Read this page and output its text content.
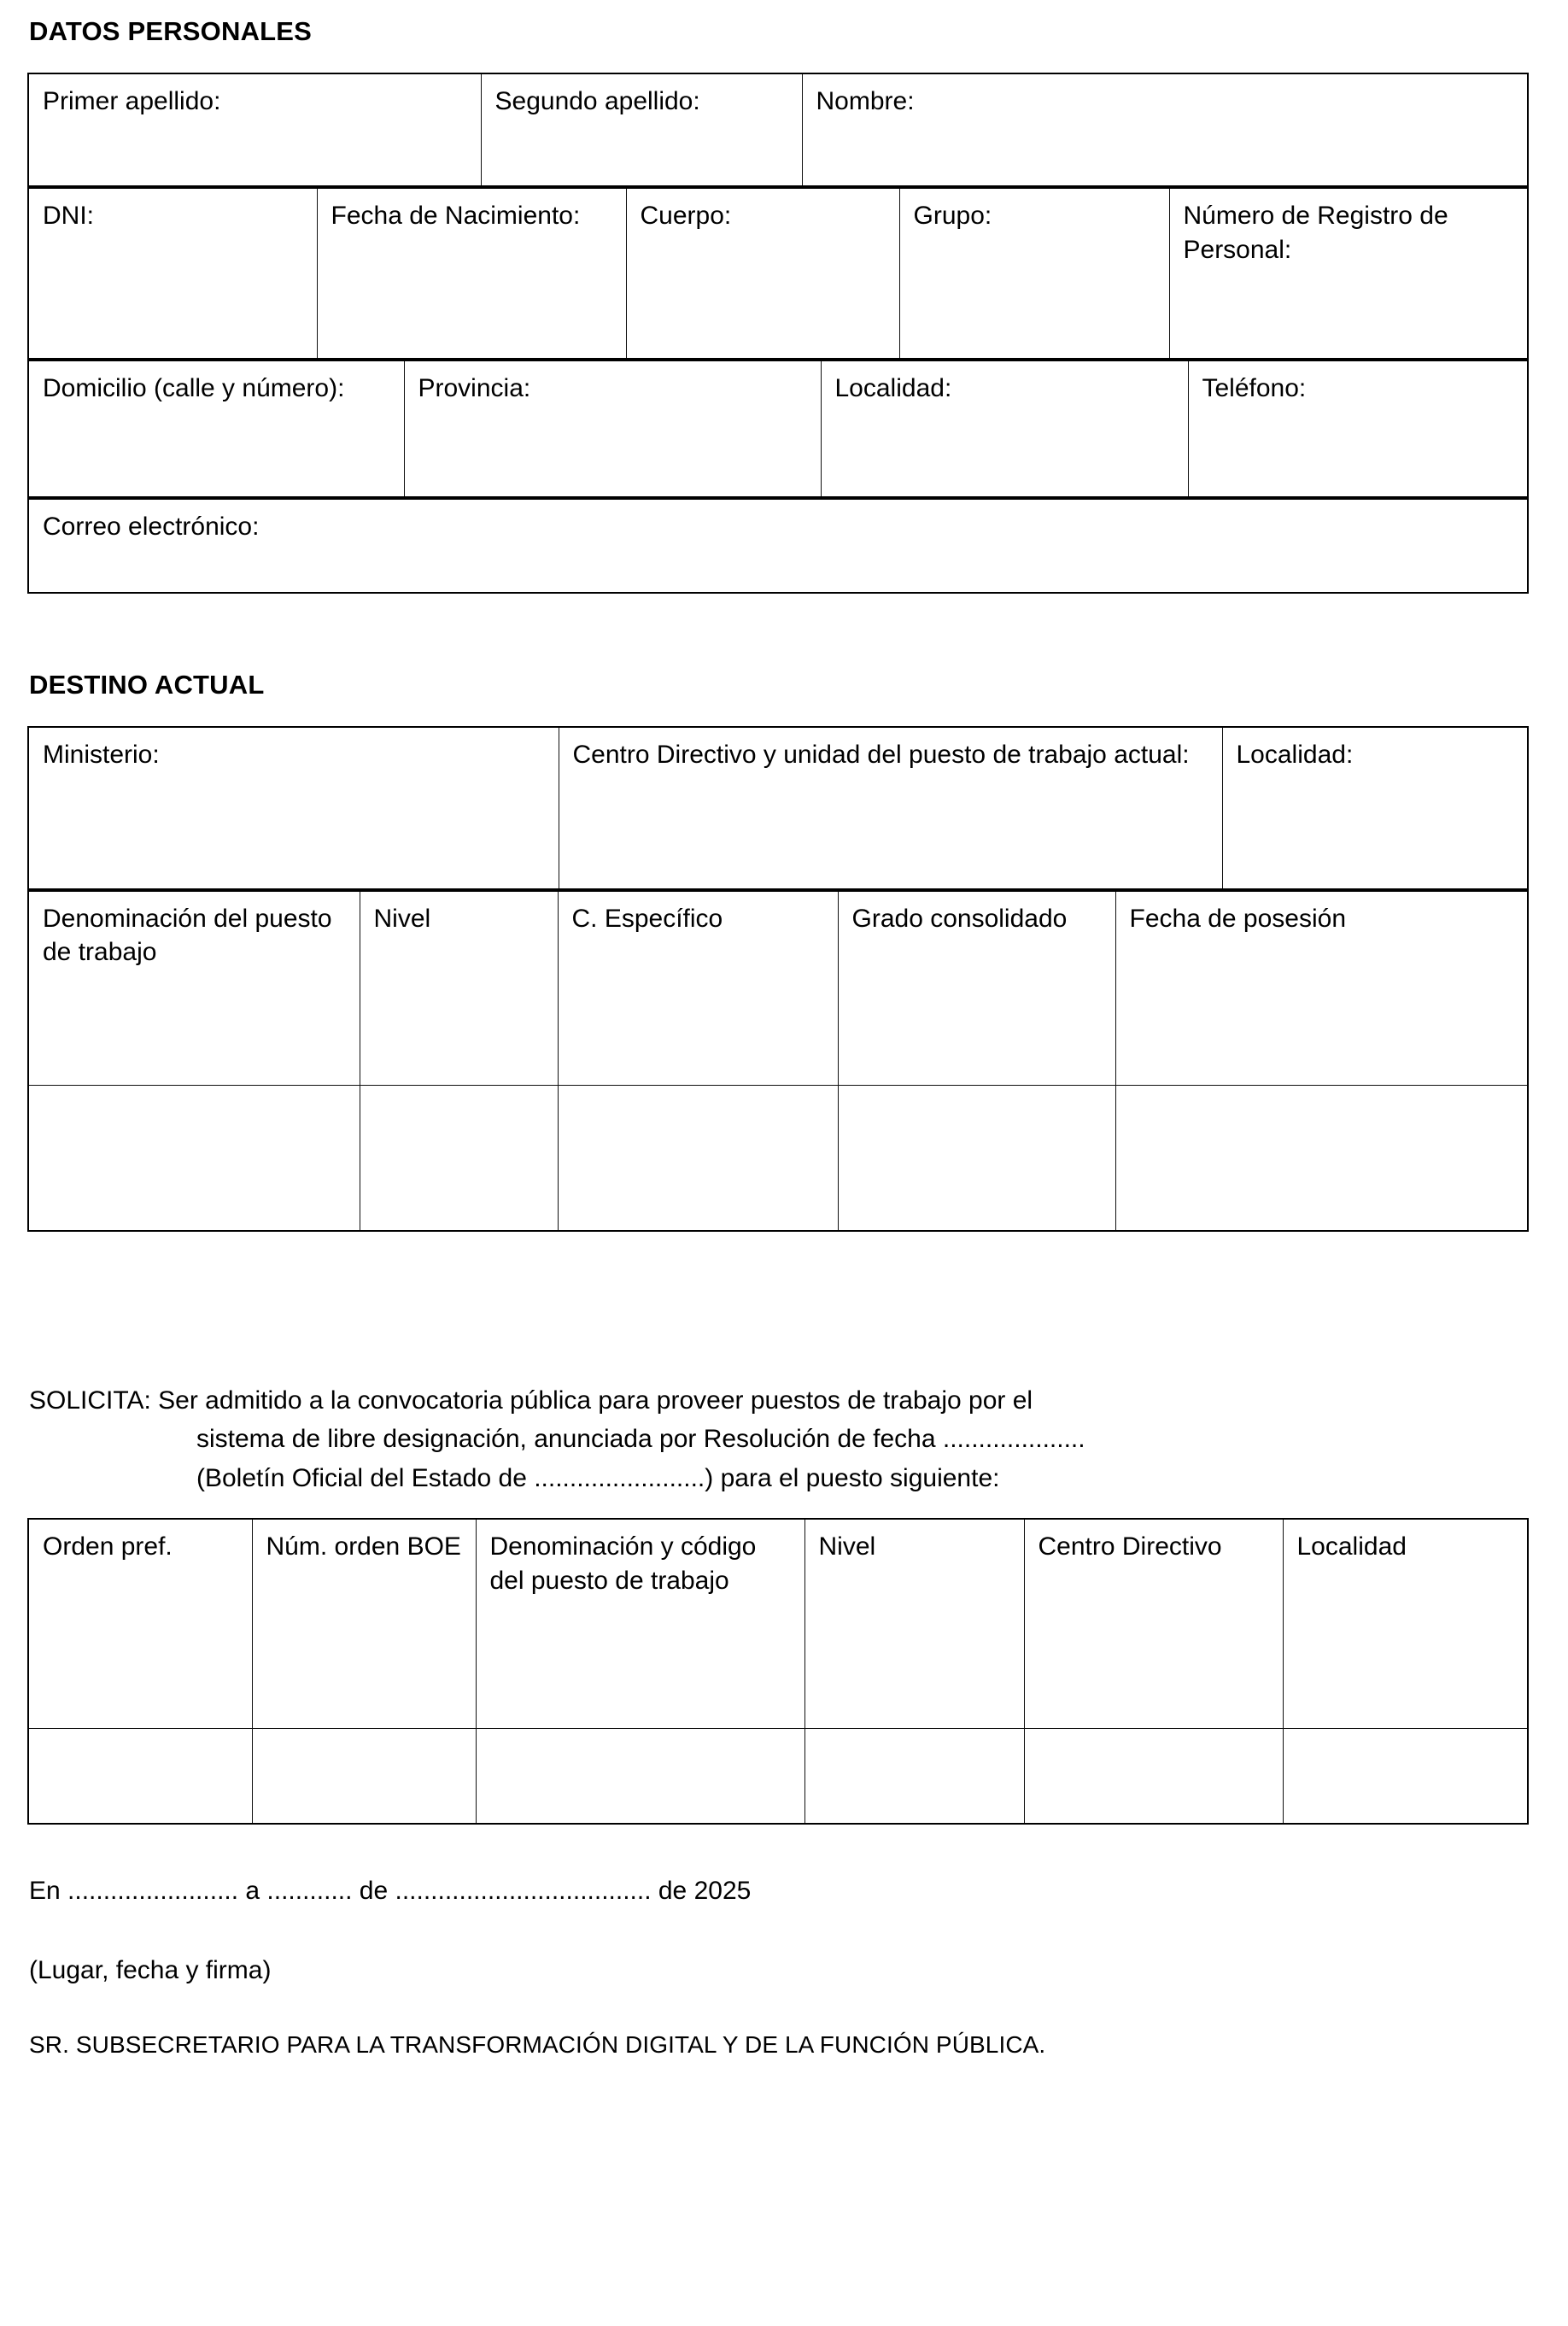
DATOS PERSONALES
Primer apellido:	Segundo apellido:	Nombre:
DNI:	Fecha de Nacimiento:	Cuerpo:	Grupo:	Número de Registro de Personal:
Domicilio (calle y número):	Provincia:	Localidad:	Teléfono:
Correo electrónico:
DESTINO ACTUAL
Ministerio:	Centro Directivo y unidad del puesto de trabajo actual:	Localidad:
Denominación del puesto de trabajo	Nivel	C. Específico	Grado consolidado	Fecha de posesión

SOLICITA: Ser admitido a la convocatoria pública para proveer puestos de trabajo por el
sistema de libre designación, anunciada por Resolución de fecha ....................
(Boletín Oficial del Estado de ........................) para el puesto siguiente:
Orden pref.	Núm. orden BOE	Denominación y código del puesto de trabajo	Nivel	Centro Directivo	Localidad

En ........................ a ............ de .................................... de 2025

(Lugar, fecha y firma)

SR. SUBSECRETARIO PARA LA TRANSFORMACIÓN DIGITAL Y DE LA FUNCIÓN PÚBLICA.
